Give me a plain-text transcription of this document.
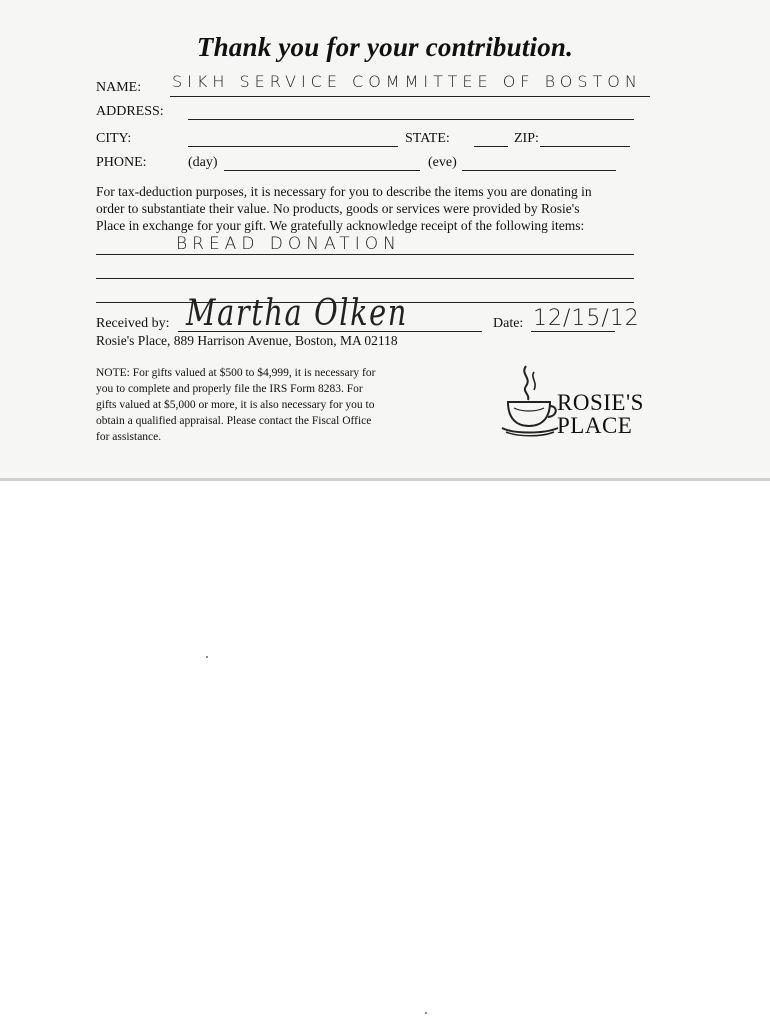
Thank you for your contribution.
NAME: SIKH SERVICE COMMITTEE OF BOSTON
ADDRESS:
CITY:	STATE:	ZIP:
PHONE:	(day)	(eve)
For tax-deduction purposes, it is necessary for you to describe the items you are donating in
order to substantiate their value. No products, goods or services were provided by Rosie's
Place in exchange for your gift. We gratefully acknowledge receipt of the following items:
BREAD DONATION
Received by: Martha Olken	Date: 12/15/12
Rosie's Place, 889 Harrison Avenue, Boston, MA 02118
NOTE: For gifts valued at $500 to $4,999, it is necessary for
you to complete and properly file the IRS Form 8283. For
gifts valued at $5,000 or more, it is also necessary for you to
obtain a qualified appraisal. Please contact the Fiscal Office
for assistance.
ROSIE'S
PLACE
